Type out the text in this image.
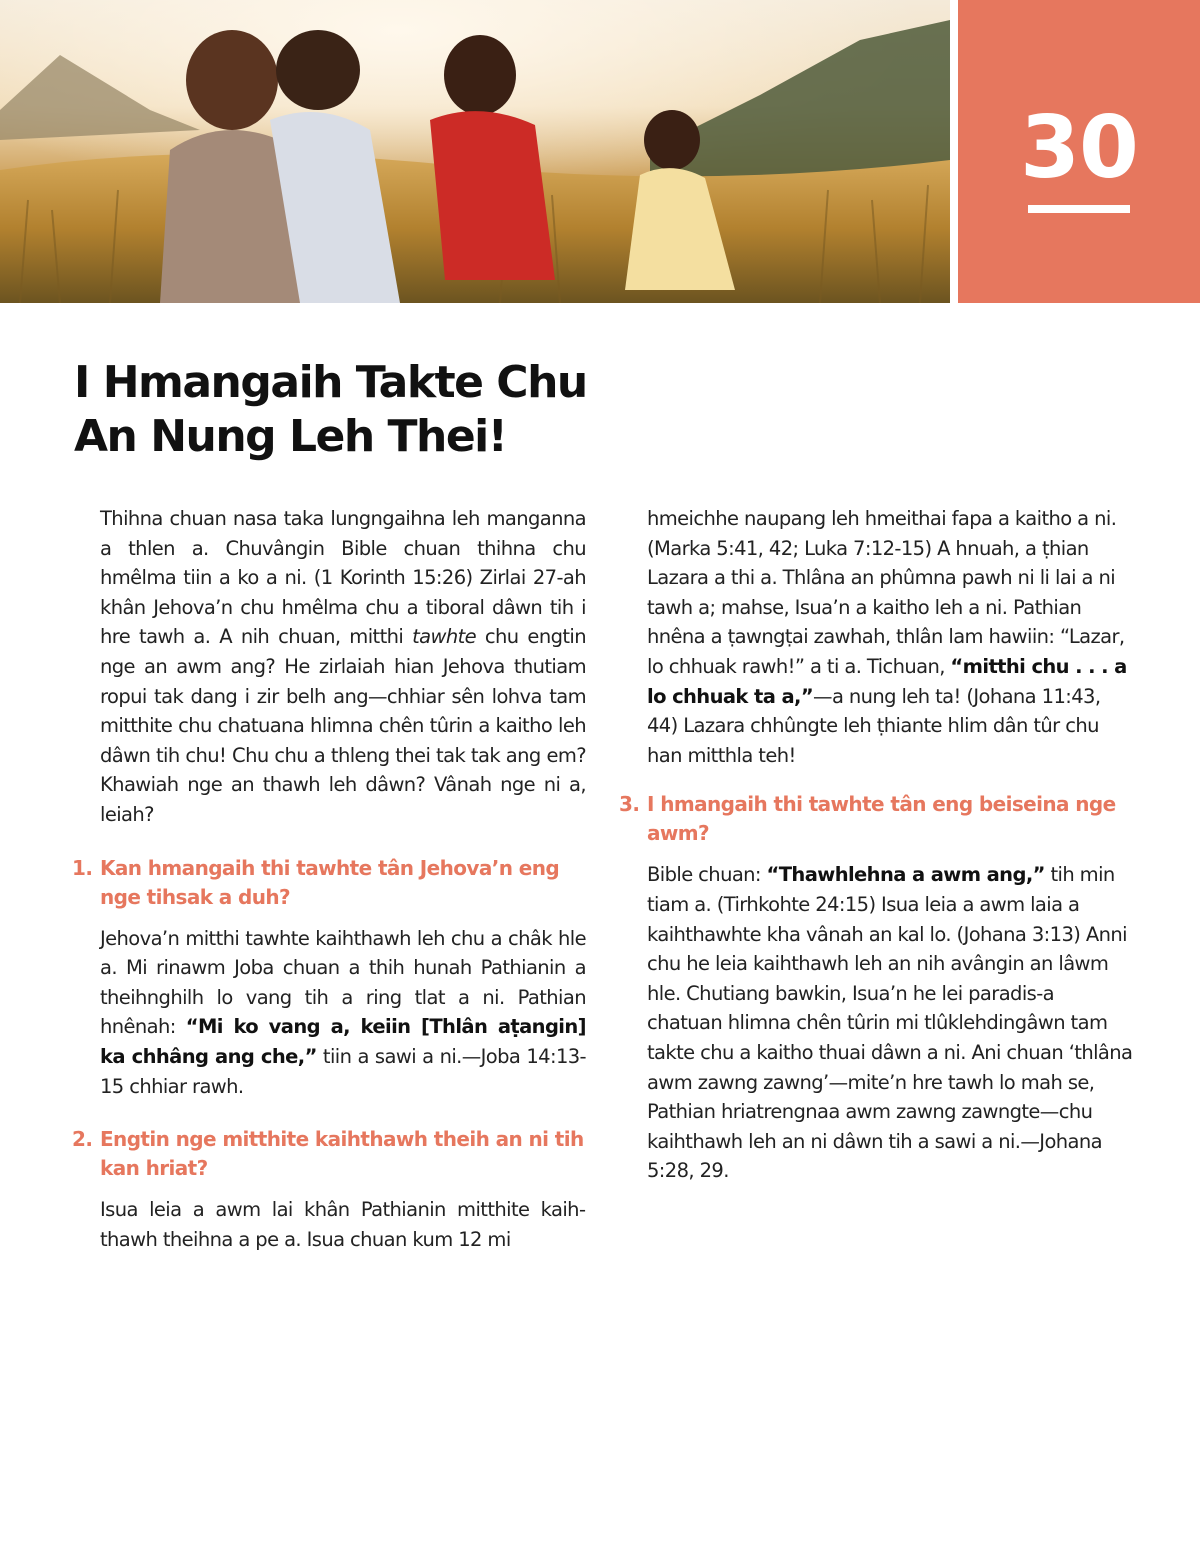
30
I Hmangaih Takte Chu
An Nung Leh Thei!

Thihna chuan nasa taka lungngaihna leh manganna a thlen a. Chuvângin Bible chuan thihna chu hmêlma tiin a ko a ni. (1 Korinth 15:26) Zirlai 27-ah khân Jehova’n chu hmêlma chu a tiboral dâwn tih i hre tawh a. A nih chuan, mitthi tawhte chu engtin nge an awm ang? He zirlaiah hian Jehova thutiam ropui tak dang i zir belh ang—chhiar sên lohva tam mitthite chu chatuana hlimna chên tûrin a kaitho leh dâwn tih chu! Chu chu a thleng thei tak tak ang em? Khawiah nge an thawh leh dâwn? Vânah nge ni a, leiah?

1. Kan hmangaih thi tawhte tân Jehova’n eng nge tihsak a duh?

Jehova’n mitthi tawhte kaihthawh leh chu a châk hle a. Mi rinawm Joba chuan a thih hunah Pathianin a theihnghilh lo vang tih a ring tlat a ni. Pathian hnênah: “Mi ko vang a, keiin [Thlân aṭangin] ka chhâng ang che,” tiin a sawi a ni.—Joba 14:13-15 chhiar rawh.

2. Engtin nge mitthite kaihthawh theih an ni tih kan hriat?

Isua leia a awm lai khân Pathianin mitthite kaihthawh theihna a pe a. Isua chuan kum 12 mi

hmeichhe naupang leh hmeithai fapa a kaitho a ni. (Marka 5:41, 42; Luka 7:12-15) A hnuah, a ṭhian Lazara a thi a. Thlâna an phûmna pawh ni li lai a ni tawh a; mahse, Isua’n a kaitho leh a ni. Pathian hnêna a ṭawngṭai zawhah, thlân lam hawiin: “Lazar, lo chhuak rawh!” a ti a. Tichuan, “mitthi chu . . . a lo chhuak ta a,”—a nung leh ta! (Johana 11:43, 44) Lazara chhûngte leh ṭhiante hlim dân tûr chu han mitthla teh!

3. I hmangaih thi tawhte tân eng beiseina nge awm?

Bible chuan: “Thawhlehna a awm ang,” tih min tiam a. (Tirhkohte 24:15) Isua leia a awm laia a kaihthawhte kha vânah an kal lo. (Johana 3:13) Anni chu he leia kaihthawh leh an nih avângin an lâwm hle. Chutiang bawkin, Isua’n he lei paradis-a chatuan hlimna chên tûrin mi tlûklehdingâwn tam takte chu a kaitho thuai dâwn a ni. Ani chuan ‘thlâna awm zawng zawng’—mite’n hre tawh lo mah se, Pathian hriatrengnaa awm zawng zawngte—chu kaihthawh leh an ni dâwn tih a sawi a ni.—Johana 5:28, 29.
